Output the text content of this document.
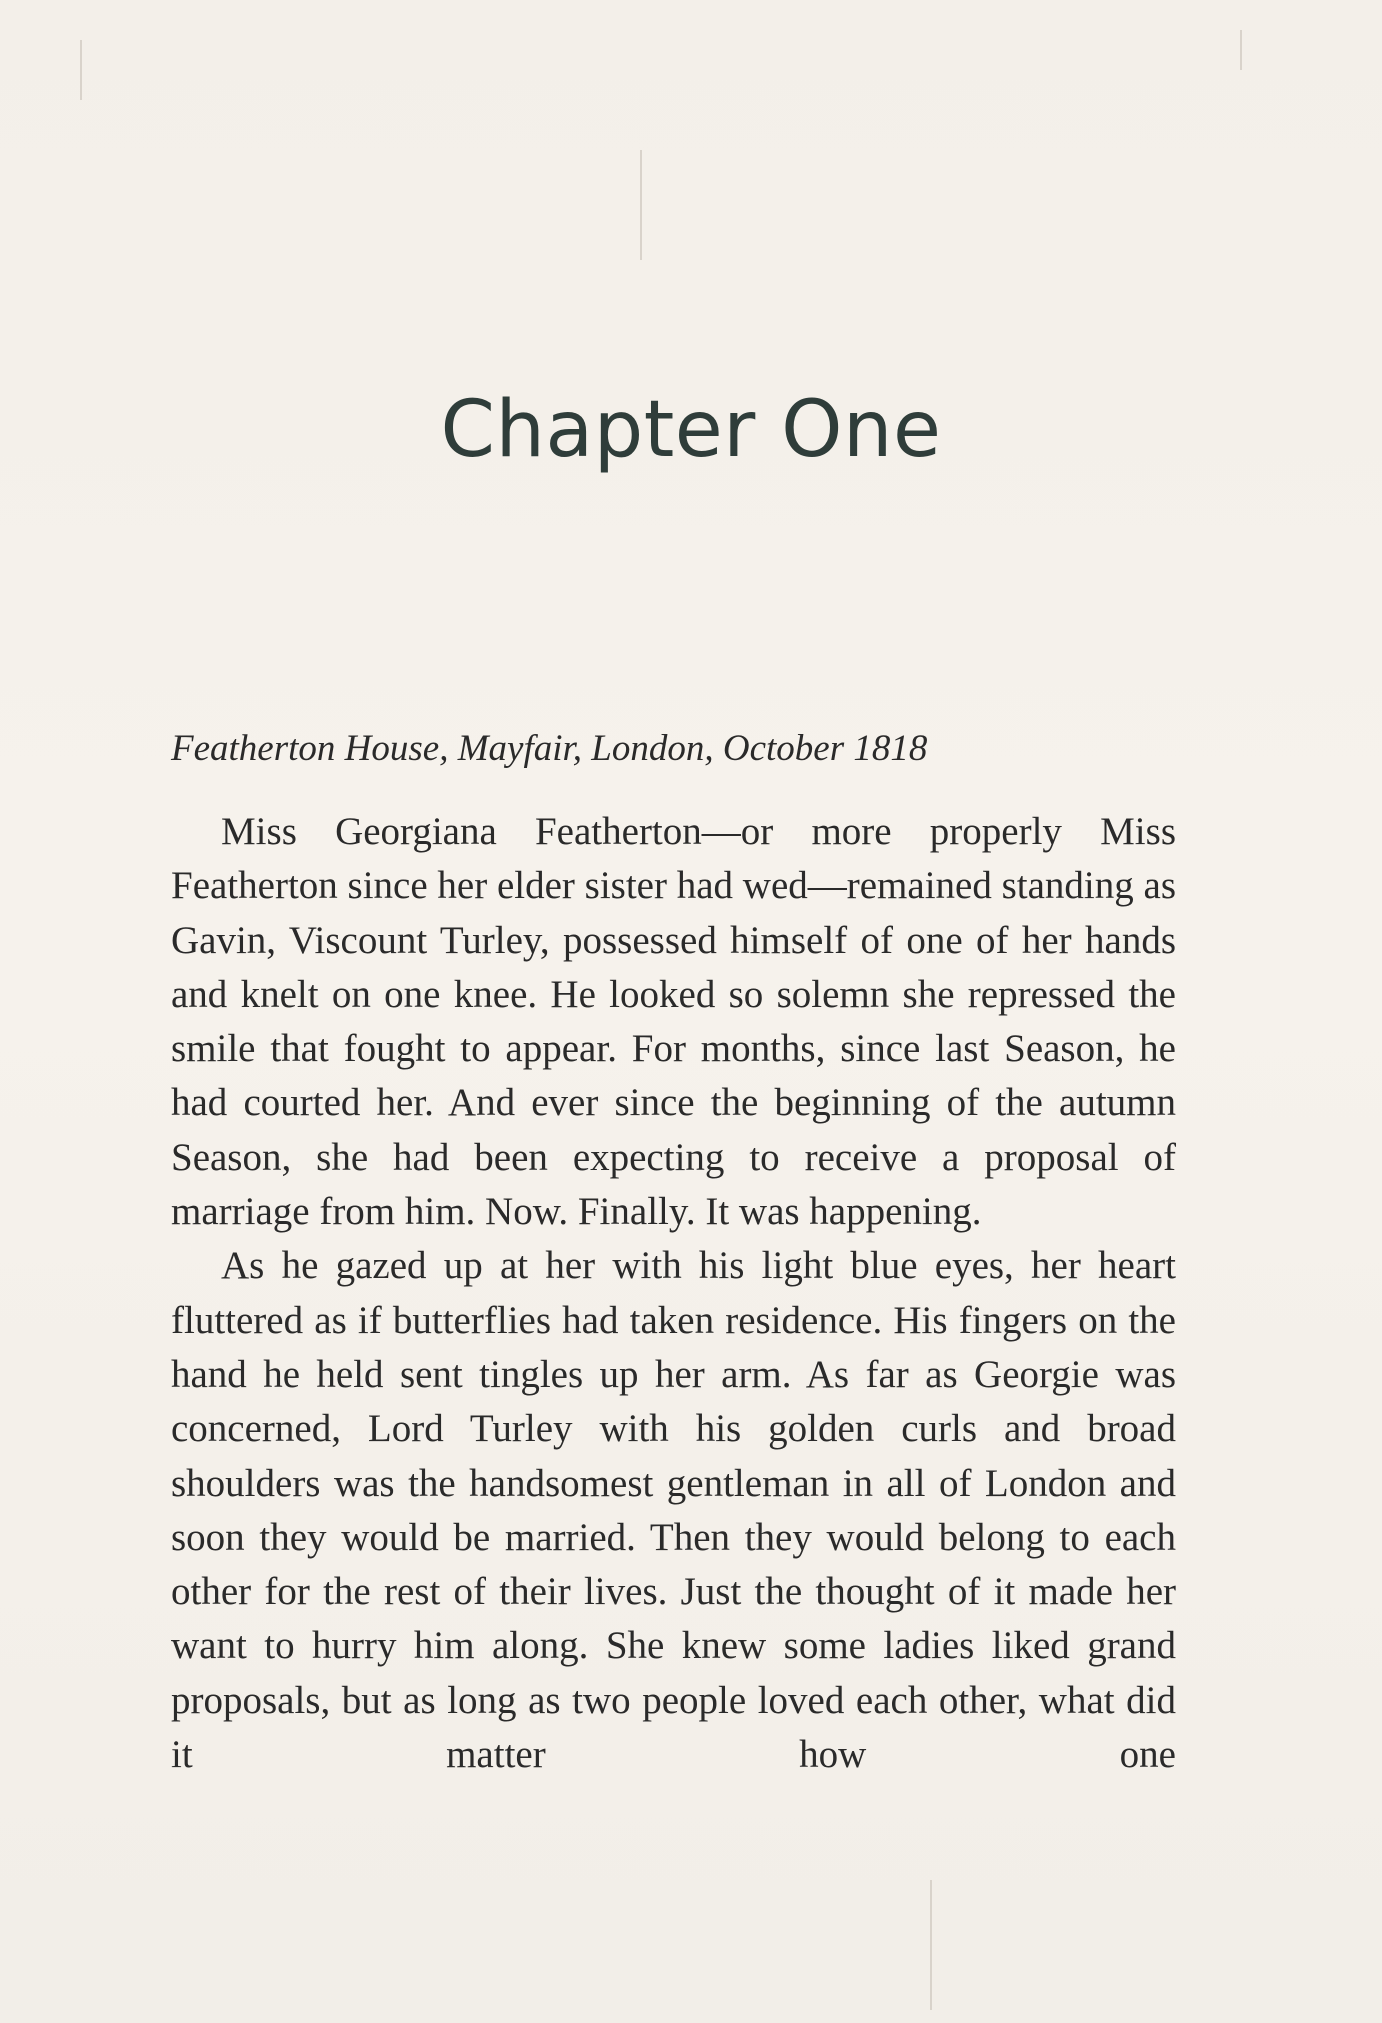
Chapter One

Featherton House, Mayfair, London, October 1818

Miss Georgiana Featherton—or more properly Miss Featherton since her elder sister had wed—remained standing as Gavin, Viscount Turley, possessed himself of one of her hands and knelt on one knee. He looked so solemn she repressed the smile that fought to appear. For months, since last Season, he had courted her. And ever since the beginning of the autumn Season, she had been expecting to receive a proposal of marriage from him. Now. Finally. It was happening.

As he gazed up at her with his light blue eyes, her heart fluttered as if butterflies had taken residence. His fingers on the hand he held sent tingles up her arm. As far as Georgie was concerned, Lord Turley with his golden curls and broad shoulders was the handsomest gentleman in all of London and soon they would be married. Then they would belong to each other for the rest of their lives. Just the thought of it made her want to hurry him along. She knew some ladies liked grand proposals, but as long as two people loved each other, what did it matter how one
